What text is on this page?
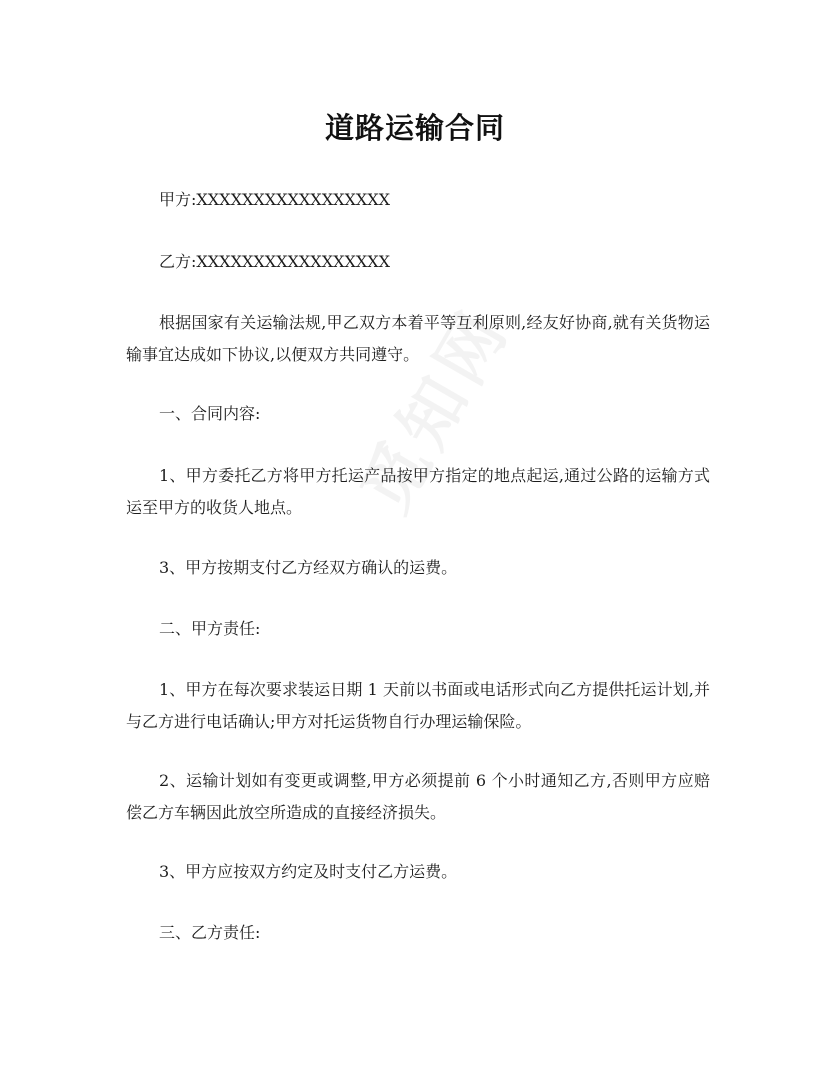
道路运输合同

甲方:XXXXXXXXXXXXXXXXX

乙方:XXXXXXXXXXXXXXXXX

根据国家有关运输法规,甲乙双方本着平等互利原则,经友好协商,就有关货物运输事宜达成如下协议,以便双方共同遵守。

一、合同内容:

1、甲方委托乙方将甲方托运产品按甲方指定的地点起运,通过公路的运输方式运至甲方的收货人地点。

3、甲方按期支付乙方经双方确认的运费。

二、甲方责任:

1、甲方在每次要求装运日期 1 天前以书面或电话形式向乙方提供托运计划,并与乙方进行电话确认;甲方对托运货物自行办理运输保险。

2、运输计划如有变更或调整,甲方必须提前 6 个小时通知乙方,否则甲方应赔偿乙方车辆因此放空所造成的直接经济损失。

3、甲方应按双方约定及时支付乙方运费。

三、乙方责任:
